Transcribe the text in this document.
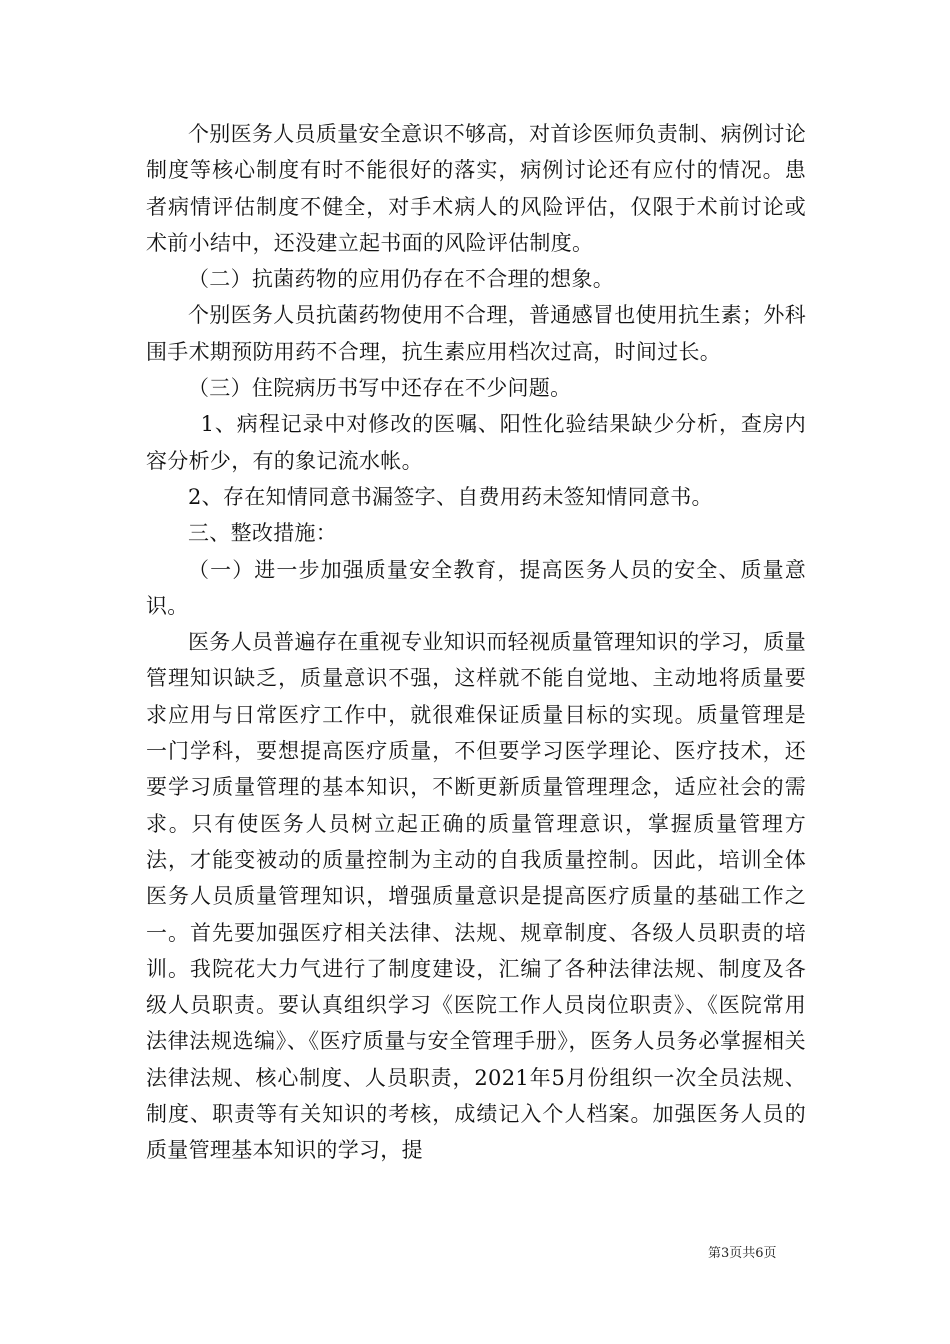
个别医务人员质量安全意识不够高，对首诊医师负责制、病例讨论制度等核心制度有时不能很好的落实，病例讨论还有应付的情况。患者病情评估制度不健全，对手术病人的风险评估，仅限于术前讨论或术前小结中，还没建立起书面的风险评估制度。

（二）抗菌药物的应用仍存在不合理的想象。

个别医务人员抗菌药物使用不合理，普通感冒也使用抗生素；外科围手术期预防用药不合理，抗生素应用档次过高，时间过长。

（三）住院病历书写中还存在不少问题。

1、病程记录中对修改的医嘱、阳性化验结果缺少分析，查房内容分析少，有的象记流水帐。

2、存在知情同意书漏签字、自费用药未签知情同意书。

三、整改措施：

（一）进一步加强质量安全教育，提高医务人员的安全、质量意识。

医务人员普遍存在重视专业知识而轻视质量管理知识的学习，质量管理知识缺乏，质量意识不强，这样就不能自觉地、主动地将质量要求应用与日常医疗工作中，就很难保证质量目标的实现。质量管理是一门学科，要想提高医疗质量，不但要学习医学理论、医疗技术，还要学习质量管理的基本知识，不断更新质量管理理念，适应社会的需求。只有使医务人员树立起正确的质量管理意识，掌握质量管理方法，才能变被动的质量控制为主动的自我质量控制。因此，培训全体医务人员质量管理知识，增强质量意识是提高医疗质量的基础工作之一。首先要加强医疗相关法律、法规、规章制度、各级人员职责的培训。我院花大力气进行了制度建设，汇编了各种法律法规、制度及各级人员职责。要认真组织学习《医院工作人员岗位职责》、《医院常用法律法规选编》、《医疗质量与安全管理手册》，医务人员务必掌握相关法律法规、核心制度、人员职责，2021年5月份组织一次全员法规、制度、职责等有关知识的考核，成绩记入个人档案。加强医务人员的质量管理基本知识的学习，提

第3页共6页
